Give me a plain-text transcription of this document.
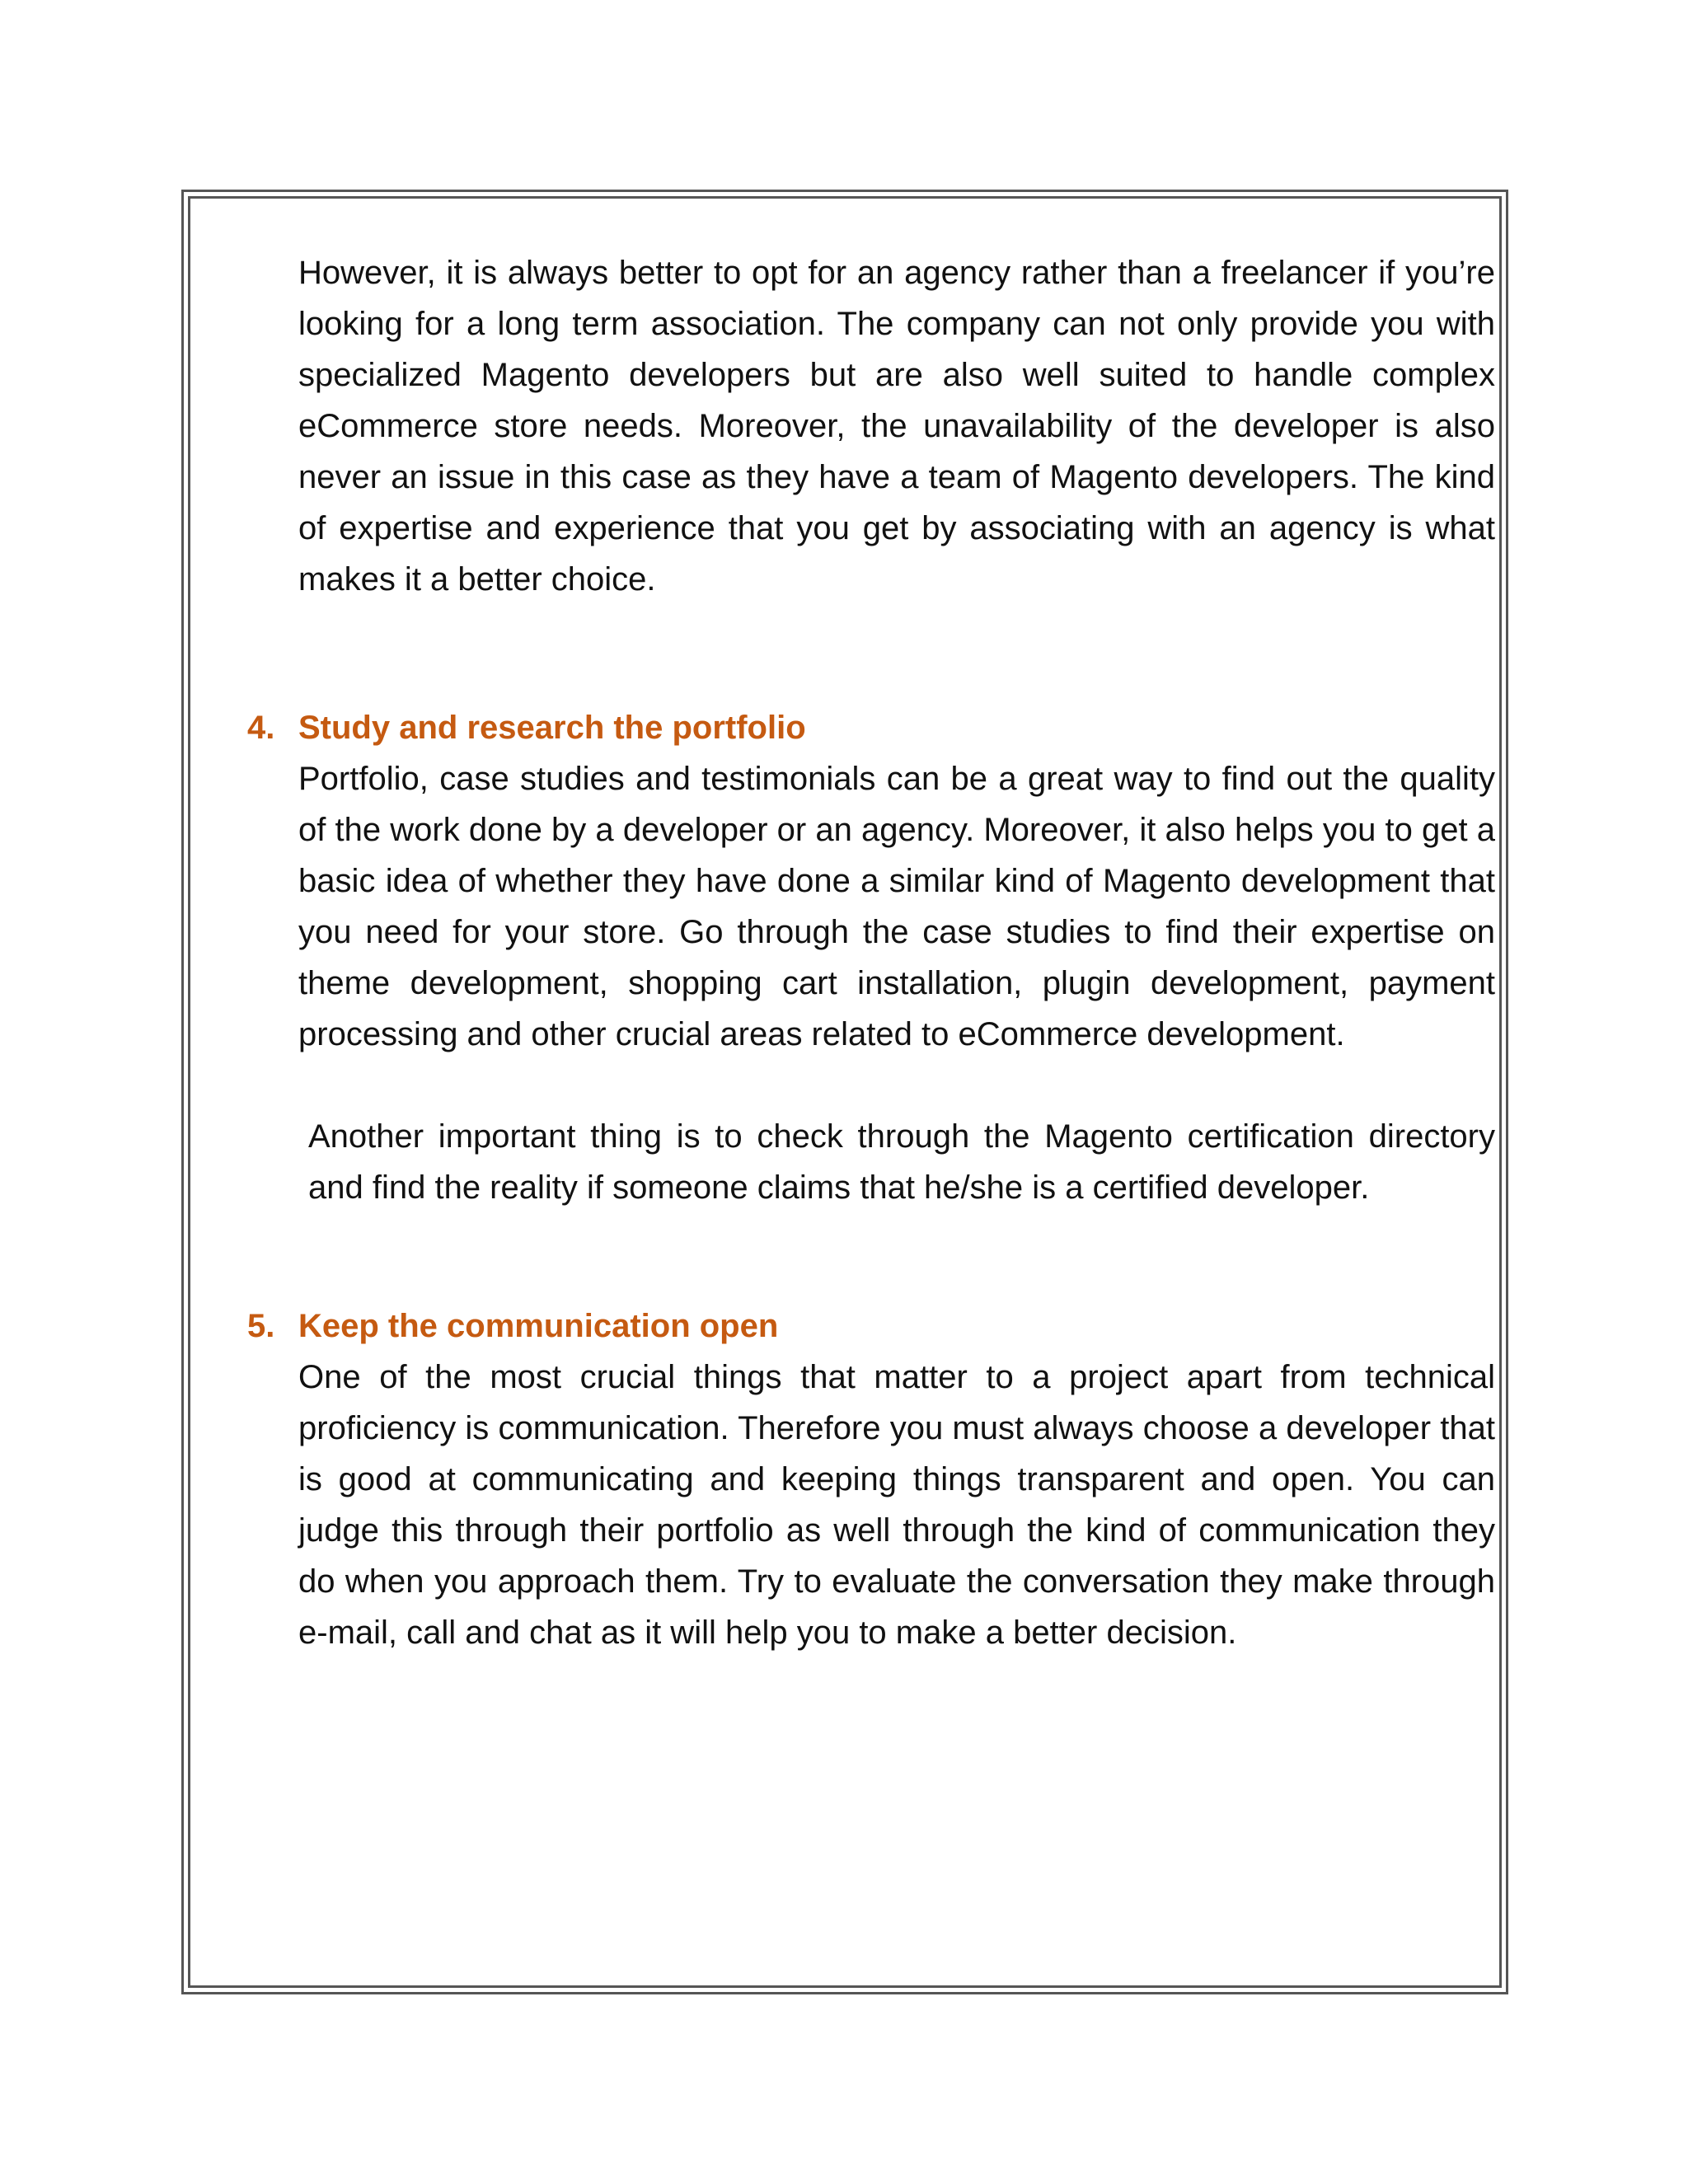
However, it is always better to opt for an agency rather than a freelancer if you’re looking for a long term association. The company can not only provide you with specialized Magento developers but are also well suited to handle complex eCommerce store needs. Moreover, the unavailability of the developer is also never an issue in this case as they have a team of Magento developers. The kind of expertise and experience that you get by associating with an agency is what makes it a better choice.

4. Study and research the portfolio

Portfolio, case studies and testimonials can be a great way to find out the quality of the work done by a developer or an agency. Moreover, it also helps you to get a basic idea of whether they have done a similar kind of Magento development that you need for your store. Go through the case studies to find their expertise on theme development, shopping cart installation, plugin development, payment processing and other crucial areas related to eCommerce development.

Another important thing is to check through the Magento certification directory and find the reality if someone claims that he/she is a certified developer.

5. Keep the communication open

One of the most crucial things that matter to a project apart from technical proficiency is communication. Therefore you must always choose a developer that is good at communicating and keeping things transparent and open. You can judge this through their portfolio as well through the kind of communication they do when you approach them. Try to evaluate the conversation they make through e-mail, call and chat as it will help you to make a better decision.
